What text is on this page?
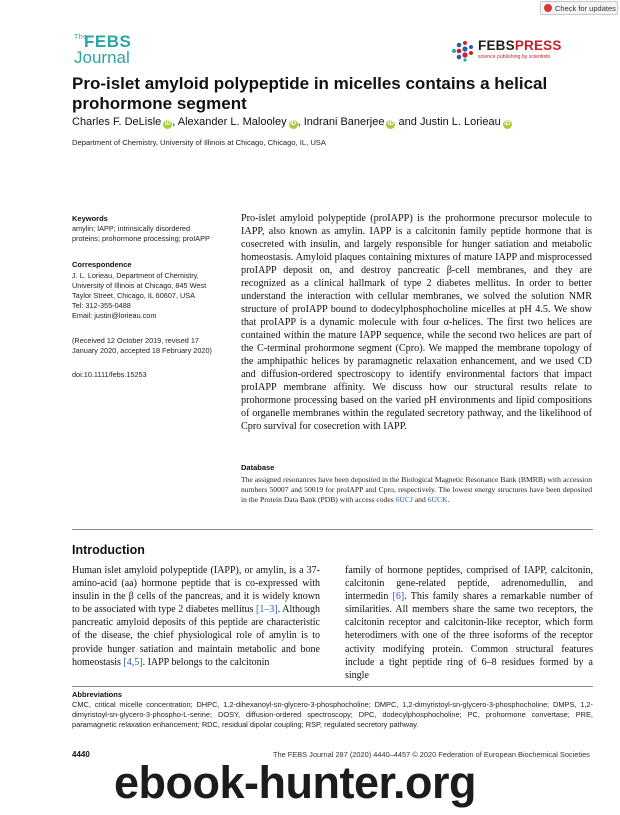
Check for updates
The
FEBS
Journal
FEBSPRESS
science publishing by scientists
Pro-islet amyloid polypeptide in micelles contains a helical prohormone segment
Charles F. DeLisle iD , Alexander L. Malooley iD , Indrani Banerjee iD and Justin L. Lorieau iD
Department of Chemistry, University of Illinois at Chicago, Chicago, IL, USA
Keywords
amylin; IAPP; intrinsically disordered
proteins; prohormone processing; proIAPP
Correspondence
J. L. Lorieau, Department of Chemistry,
University of Illinois at Chicago, 845 West
Taylor Street, Chicago, IL 60607, USA
Tel: 312-355-0488
Email: justin@lorieau.com
(Received 12 October 2019, revised 17
January 2020, accepted 18 February 2020)
doi:10.1111/febs.15253

Pro-islet amyloid polypeptide (proIAPP) is the prohormone precursor molecule to IAPP, also known as amylin. IAPP is a calcitonin family peptide hormone that is cosecreted with insulin, and largely responsible for hunger satiation and metabolic homeostasis. Amyloid plaques containing mixtures of mature IAPP and misprocessed proIAPP deposit on, and destroy pancreatic β-cell membranes, and they are recognized as a clinical hallmark of type 2 diabetes mellitus. In order to better understand the interaction with cellular membranes, we solved the solution NMR structure of proIAPP bound to dodecylphosphocholine micelles at pH 4.5. We show that proIAPP is a dynamic molecule with four α-helices. The first two helices are contained within the mature IAPP sequence, while the second two helices are part of the C-terminal prohormone segment (Cpro). We mapped the membrane topology of the amphipathic helices by paramagnetic relaxation enhancement, and we used CD and diffusion-ordered spectroscopy to identify environmental factors that impact proIAPP membrane affinity. We discuss how our structural results relate to prohormone processing based on the varied pH environments and lipid compositions of organelle membranes within the regulated secretory pathway, and the likelihood of Cpro survival for cosecretion with IAPP.

Database

The assigned resonances have been deposited in the Biological Magnetic Resonance Bank (BMRB) with accession numbers 50007 and 50019 for proIAPP and Cpro, respectively. The lowest energy structures have been deposited in the Protein Data Bank (PDB) with access codes 6UCJ and 6UCK.

Introduction

Human islet amyloid polypeptide (IAPP), or amylin, is a 37-amino-acid (aa) hormone peptide that is co-expressed with insulin in the β cells of the pancreas, and it is widely known to be associated with type 2 diabetes mellitus [1–3]. Although pancreatic amyloid deposits of this peptide are characteristic of the disease, the chief physiological role of amylin is to provide hunger satiation and maintain metabolic and bone homeostasis [4,5]. IAPP belongs to the calcitonin

family of hormone peptides, comprised of IAPP, calcitonin, calcitonin gene-related peptide, adrenomedullin, and intermedin [6]. This family shares a remarkable number of similarities. All members share the same two receptors, the calcitonin receptor and calcitonin-like receptor, which form heterodimers with one of the three isoforms of the receptor activity modifying protein. Common structural features include a tight peptide ring of 6–8 residues formed by a single

Abbreviations

CMC, critical micelle concentration; DHPC, 1,2-dihexanoyl-sn-glycero-3-phosphocholine; DMPC, 1,2-dimyristoyl-sn-glycero-3-phosphocholine; DMPS, 1,2-dimyristoyl-sn-glycero-3-phospho-L-serine; DOSY, diffusion-ordered spectroscopy; DPC, dodecylphosphocholine; PC, prohormone convertase; PRE, paramagnetic relaxation enhancement; RDC, residual dipolar coupling; RSP, regulated secretory pathway.

4440	The FEBS Journal 287 (2020) 4440–4457 © 2020 Federation of European Biochemical Societies
ebook-hunter.org
